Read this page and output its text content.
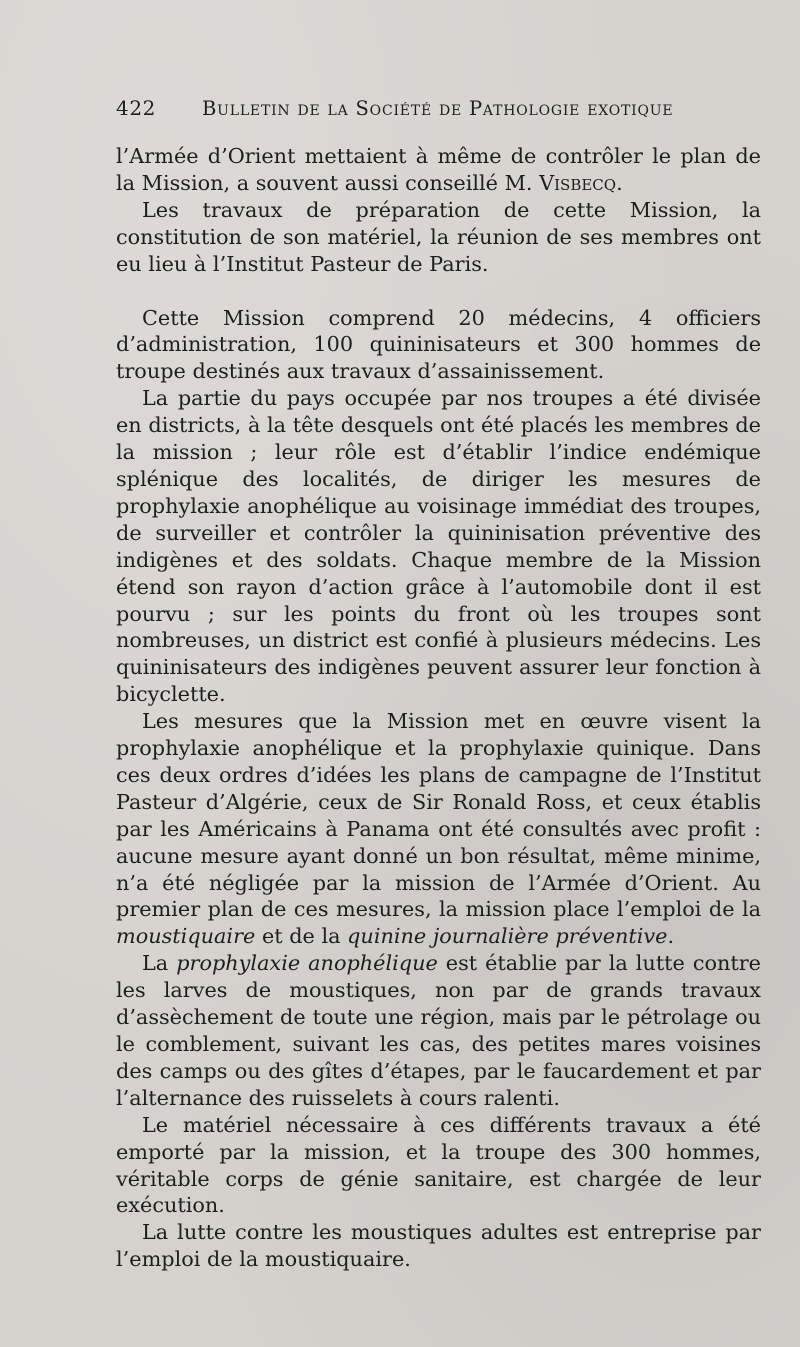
422	Bulletin de la Société de Pathologie exotique

l’Armée d’Orient mettaient à même de contrôler le plan de la Mission, a souvent aussi conseillé M. Visbecq.

Les travaux de préparation de cette Mission, la constitution de son matériel, la réunion de ses membres ont eu lieu à l’Institut Pasteur de Paris.

Cette Mission comprend 20 médecins, 4 officiers d’administration, 100 quininisateurs et 300 hommes de troupe destinés aux travaux d’assainissement.

La partie du pays occupée par nos troupes a été divisée en districts, à la tête desquels ont été placés les membres de la mission ; leur rôle est d’établir l’indice endémique splénique des localités, de diriger les mesures de prophylaxie anophélique au voisinage immédiat des troupes, de surveiller et contrôler la quininisation préventive des indigènes et des soldats. Chaque membre de la Mission étend son rayon d’action grâce à l’automobile dont il est pourvu ; sur les points du front où les troupes sont nombreuses, un district est confié à plusieurs médecins. Les quininisateurs des indigènes peuvent assurer leur fonction à bicyclette.

Les mesures que la Mission met en œuvre visent la prophylaxie anophélique et la prophylaxie quinique. Dans ces deux ordres d’idées les plans de campagne de l’Institut Pasteur d’Algérie, ceux de Sir Ronald Ross, et ceux établis par les Américains à Panama ont été consultés avec profit : aucune mesure ayant donné un bon résultat, même minime, n’a été négligée par la mission de l’Armée d’Orient. Au premier plan de ces mesures, la mission place l’emploi de la moustiquaire et de la quinine journalière préventive.

La prophylaxie anophélique est établie par la lutte contre les larves de moustiques, non par de grands travaux d’assèchement de toute une région, mais par le pétrolage ou le comblement, suivant les cas, des petites mares voisines des camps ou des gîtes d’étapes, par le faucardement et par l’alternance des ruisselets à cours ralenti.

Le matériel nécessaire à ces différents travaux a été emporté par la mission, et la troupe des 300 hommes, véritable corps de génie sanitaire, est chargée de leur exécution.

La lutte contre les moustiques adultes est entreprise par l’emploi de la moustiquaire.
